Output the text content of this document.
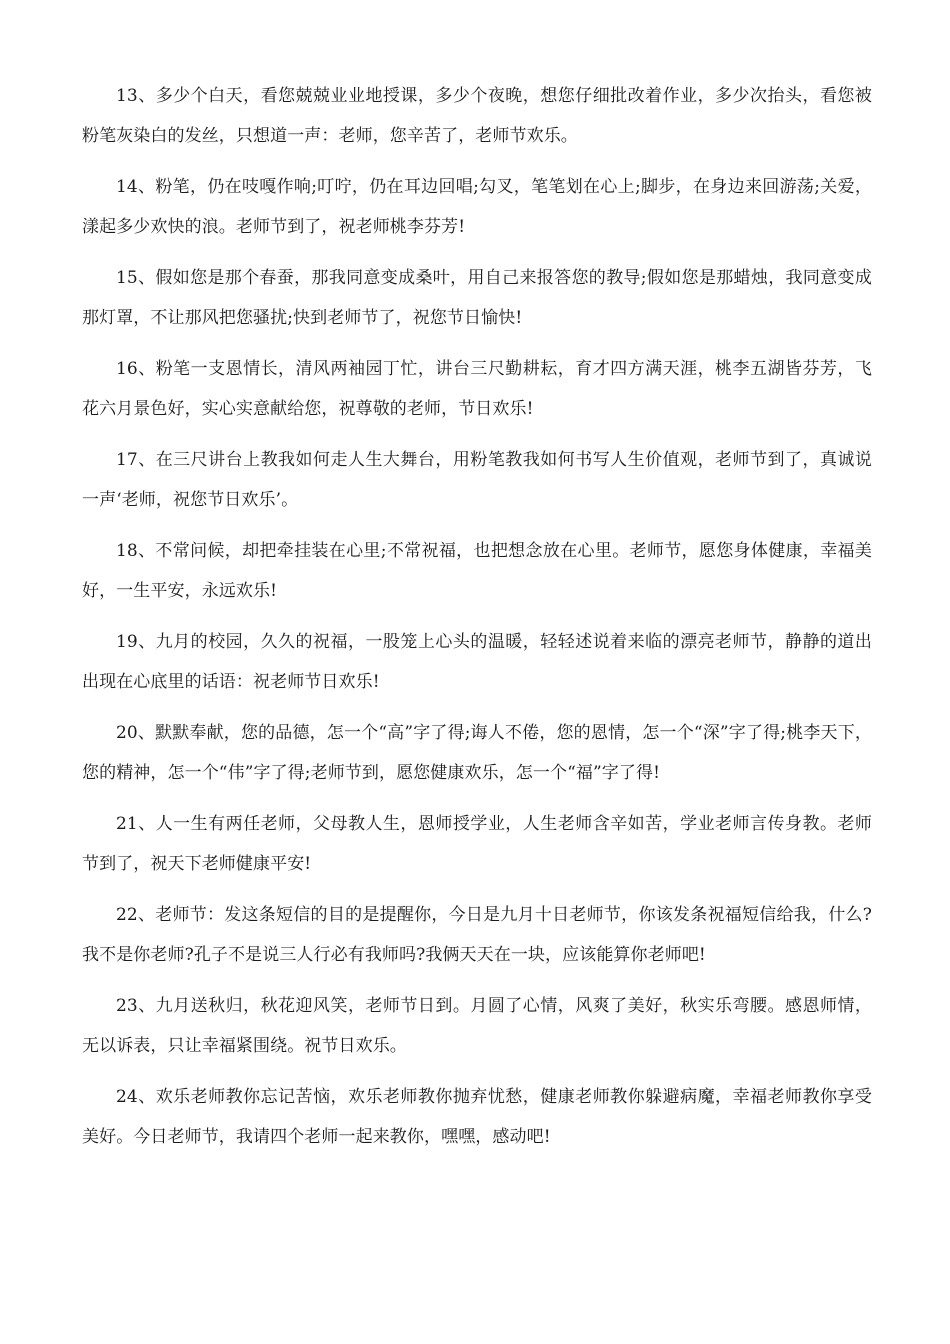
13、多少个白天，看您兢兢业业地授课，多少个夜晚，想您仔细批改着作业，多少次抬头，看您被粉笔灰染白的发丝，只想道一声：老师，您辛苦了，老师节欢乐。

14、粉笔，仍在吱嘎作响;叮咛，仍在耳边回唱;勾叉，笔笔划在心上;脚步，在身边来回游荡;关爱，漾起多少欢快的浪。老师节到了，祝老师桃李芬芳!

15、假如您是那个春蚕，那我同意变成桑叶，用自己来报答您的教导;假如您是那蜡烛，我同意变成那灯罩，不让那风把您骚扰;快到老师节了，祝您节日愉快!

16、粉笔一支恩情长，清风两袖园丁忙，讲台三尺勤耕耘，育才四方满天涯，桃李五湖皆芬芳，飞花六月景色好，实心实意献给您，祝尊敬的老师，节日欢乐!

17、在三尺讲台上教我如何走人生大舞台，用粉笔教我如何书写人生价值观，老师节到了，真诚说一声‘老师，祝您节日欢乐’。

18、不常问候，却把牵挂装在心里;不常祝福，也把想念放在心里。老师节，愿您身体健康，幸福美好，一生平安，永远欢乐!

19、九月的校园，久久的祝福，一股笼上心头的温暖，轻轻述说着来临的漂亮老师节，静静的道出出现在心底里的话语：祝老师节日欢乐!

20、默默奉献，您的品德，怎一个“高”字了得;诲人不倦，您的恩情，怎一个“深”字了得;桃李天下，您的精神，怎一个“伟”字了得;老师节到，愿您健康欢乐，怎一个“福”字了得!

21、人一生有两任老师，父母教人生，恩师授学业，人生老师含辛如苦，学业老师言传身教。老师节到了，祝天下老师健康平安!

22、老师节：发这条短信的目的是提醒你，今日是九月十日老师节，你该发条祝福短信给我，什么?我不是你老师?孔子不是说三人行必有我师吗?我俩天天在一块，应该能算你老师吧!

23、九月送秋归，秋花迎风笑，老师节日到。月圆了心情，风爽了美好，秋实乐弯腰。感恩师情，无以诉表，只让幸福紧围绕。祝节日欢乐。

24、欢乐老师教你忘记苦恼，欢乐老师教你抛弃忧愁，健康老师教你躲避病魔，幸福老师教你享受美好。今日老师节，我请四个老师一起来教你，嘿嘿，感动吧!
